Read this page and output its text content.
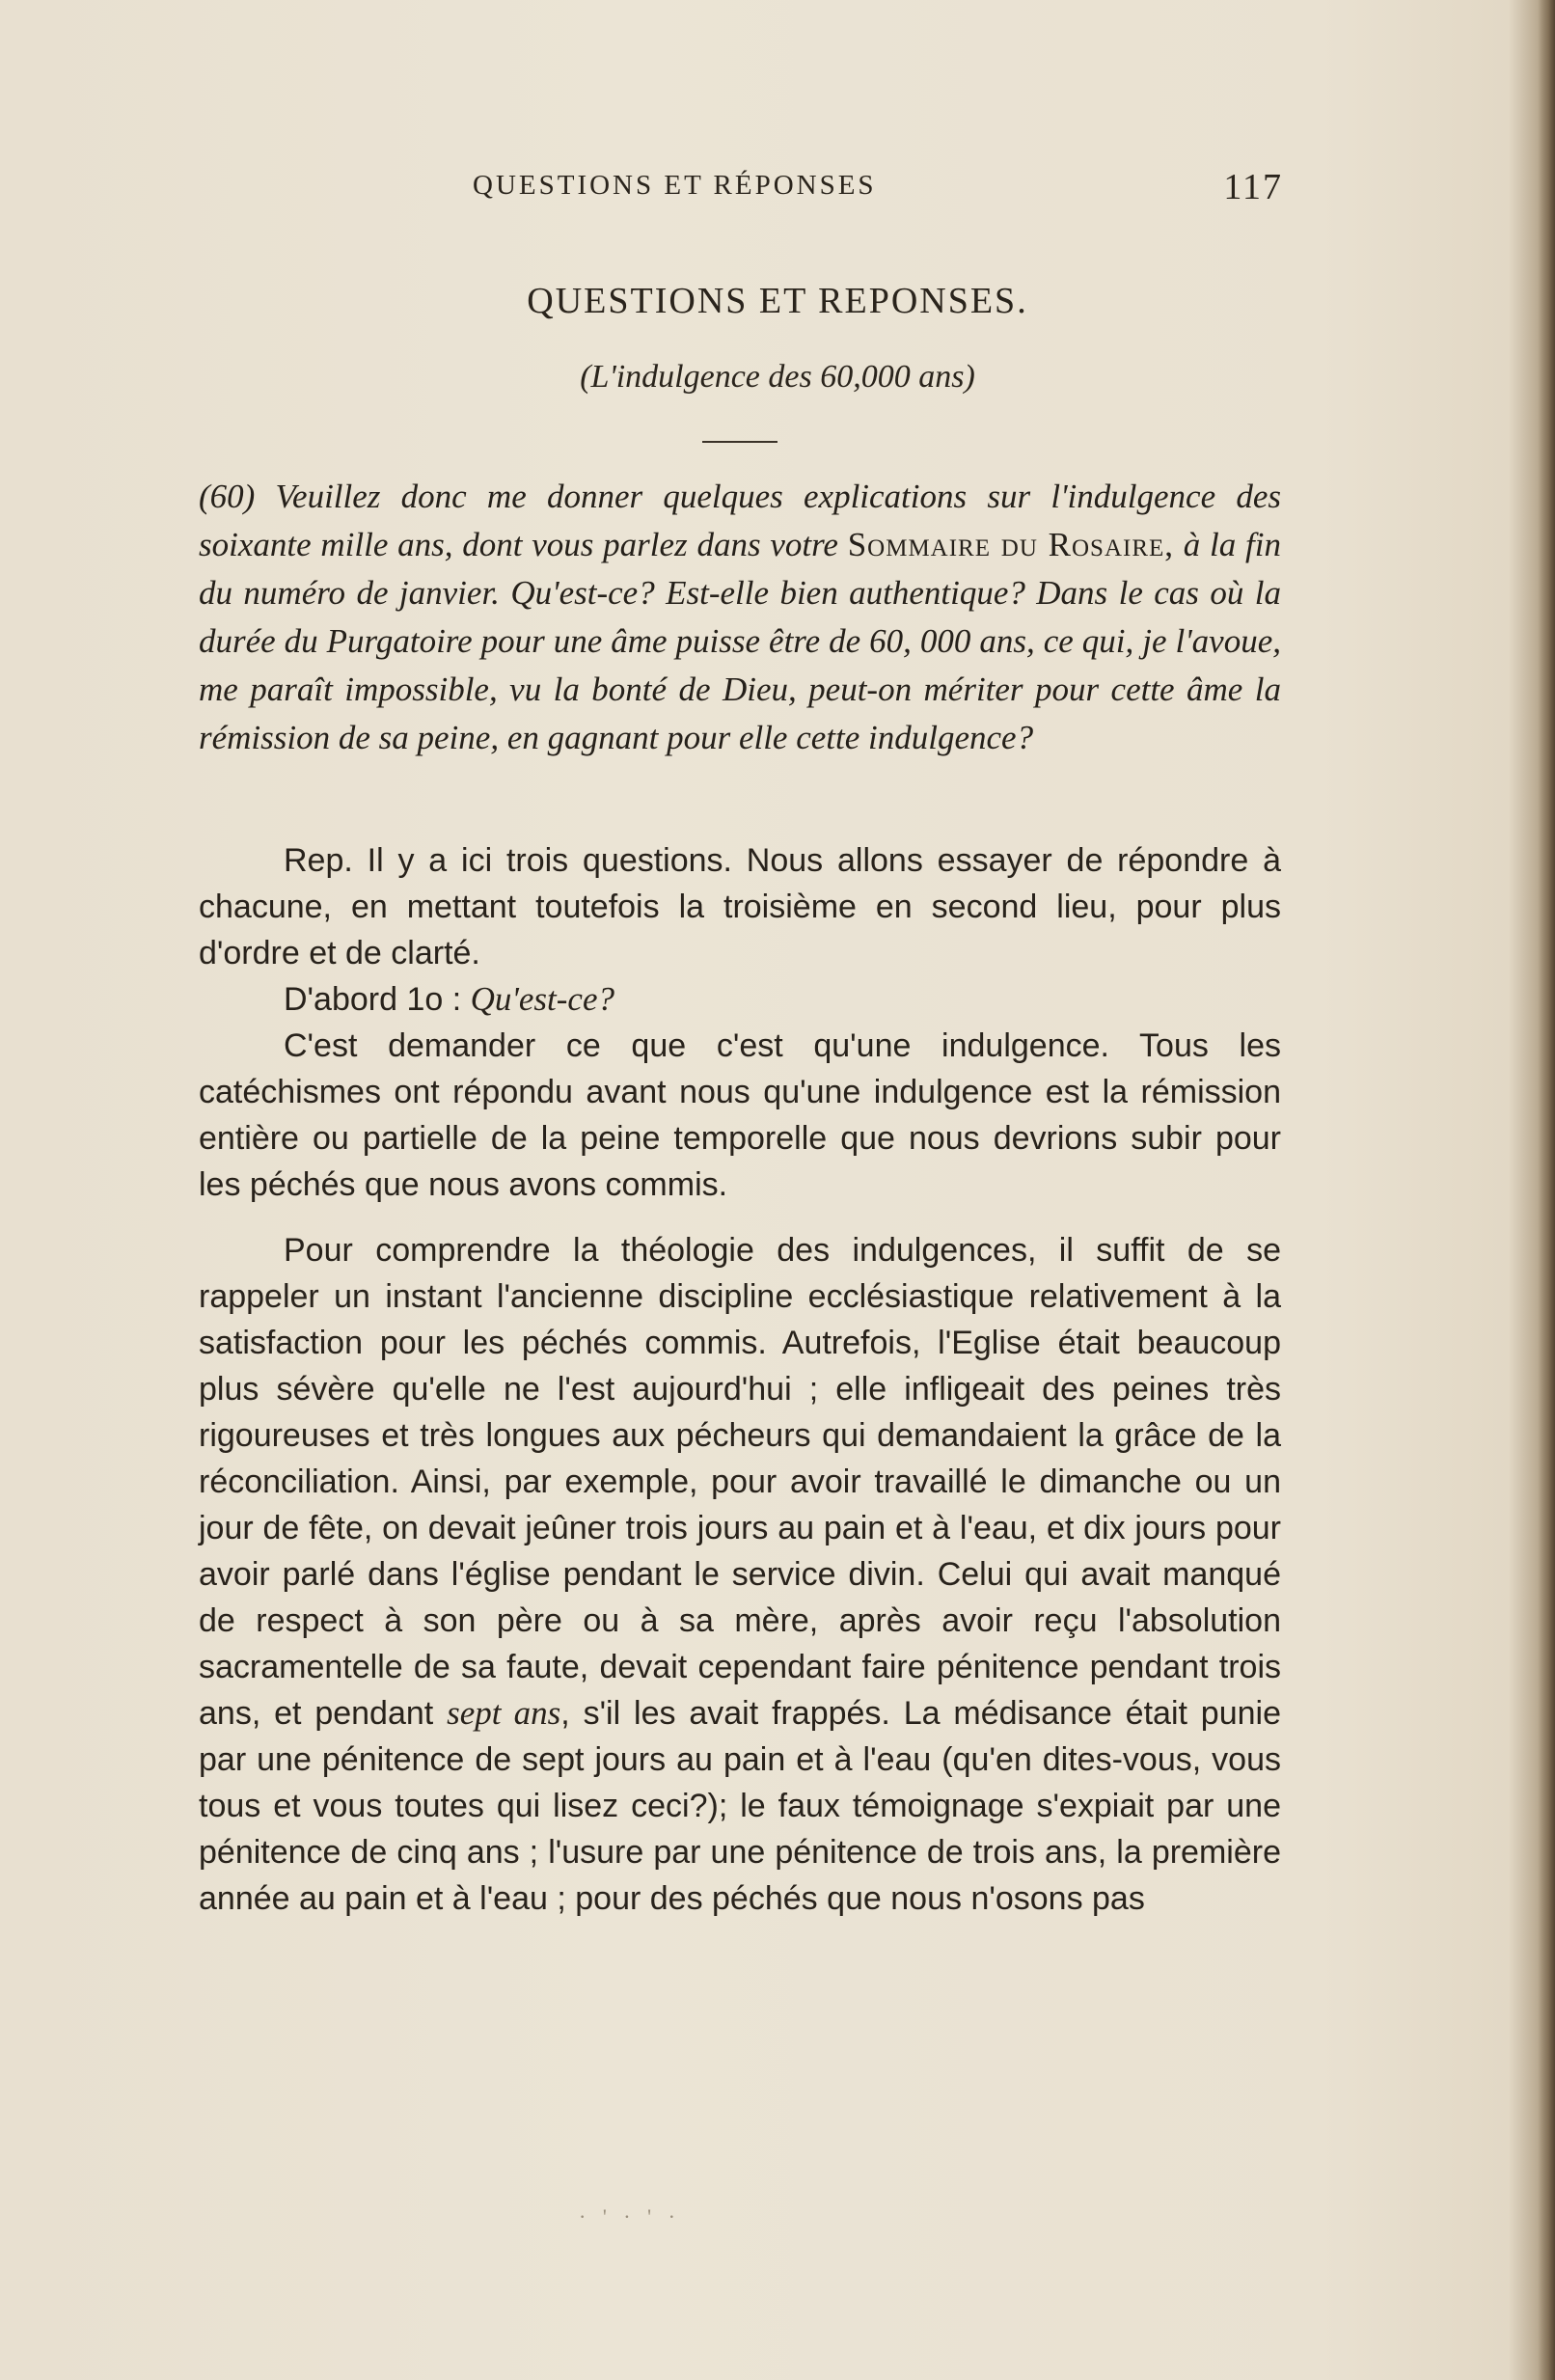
QUESTIONS ET RÉPONSES	117
QUESTIONS ET REPONSES.
(L'indulgence des 60,000 ans)
(60) Veuillez donc me donner quelques explications sur l'indulgence des soixante mille ans, dont vous parlez dans votre Sommaire du Rosaire, à la fin du numéro de janvier. Qu'est-ce? Est-elle bien authentique? Dans le cas où la durée du Purgatoire pour une âme puisse être de 60, 000 ans, ce qui, je l'avoue, me paraît impossible, vu la bonté de Dieu, peut-on mériter pour cette âme la rémission de sa peine, en gagnant pour elle cette indulgence?

Rep. Il y a ici trois questions. Nous allons essayer de répondre à chacune, en mettant toutefois la troisième en second lieu, pour plus d'ordre et de clarté.

D'abord 1o : Qu'est-ce?

C'est demander ce que c'est qu'une indulgence. Tous les catéchismes ont répondu avant nous qu'une indulgence est la rémission entière ou partielle de la peine temporelle que nous devrions subir pour les péchés que nous avons commis.

Pour comprendre la théologie des indulgences, il suffit de se rappeler un instant l'ancienne discipline ecclésiastique relativement à la satisfaction pour les péchés commis. Autrefois, l'Eglise était beaucoup plus sévère qu'elle ne l'est aujourd'hui ; elle infligeait des peines très rigoureuses et très longues aux pécheurs qui demandaient la grâce de la réconciliation. Ainsi, par exemple, pour avoir travaillé le dimanche ou un jour de fête, on devait jeûner trois jours au pain et à l'eau, et dix jours pour avoir parlé dans l'église pendant le service divin. Celui qui avait manqué de respect à son père ou à sa mère, après avoir reçu l'absolution sacramentelle de sa faute, devait cependant faire pénitence pendant trois ans, et pendant sept ans, s'il les avait frappés. La médisance était punie par une pénitence de sept jours au pain et à l'eau (qu'en dites-vous, vous tous et vous toutes qui lisez ceci?); le faux témoignage s'expiait par une pénitence de cinq ans ; l'usure par une pénitence de trois ans, la première année au pain et à l'eau ; pour des péchés que nous n'osons pas

· ' · ' ·
